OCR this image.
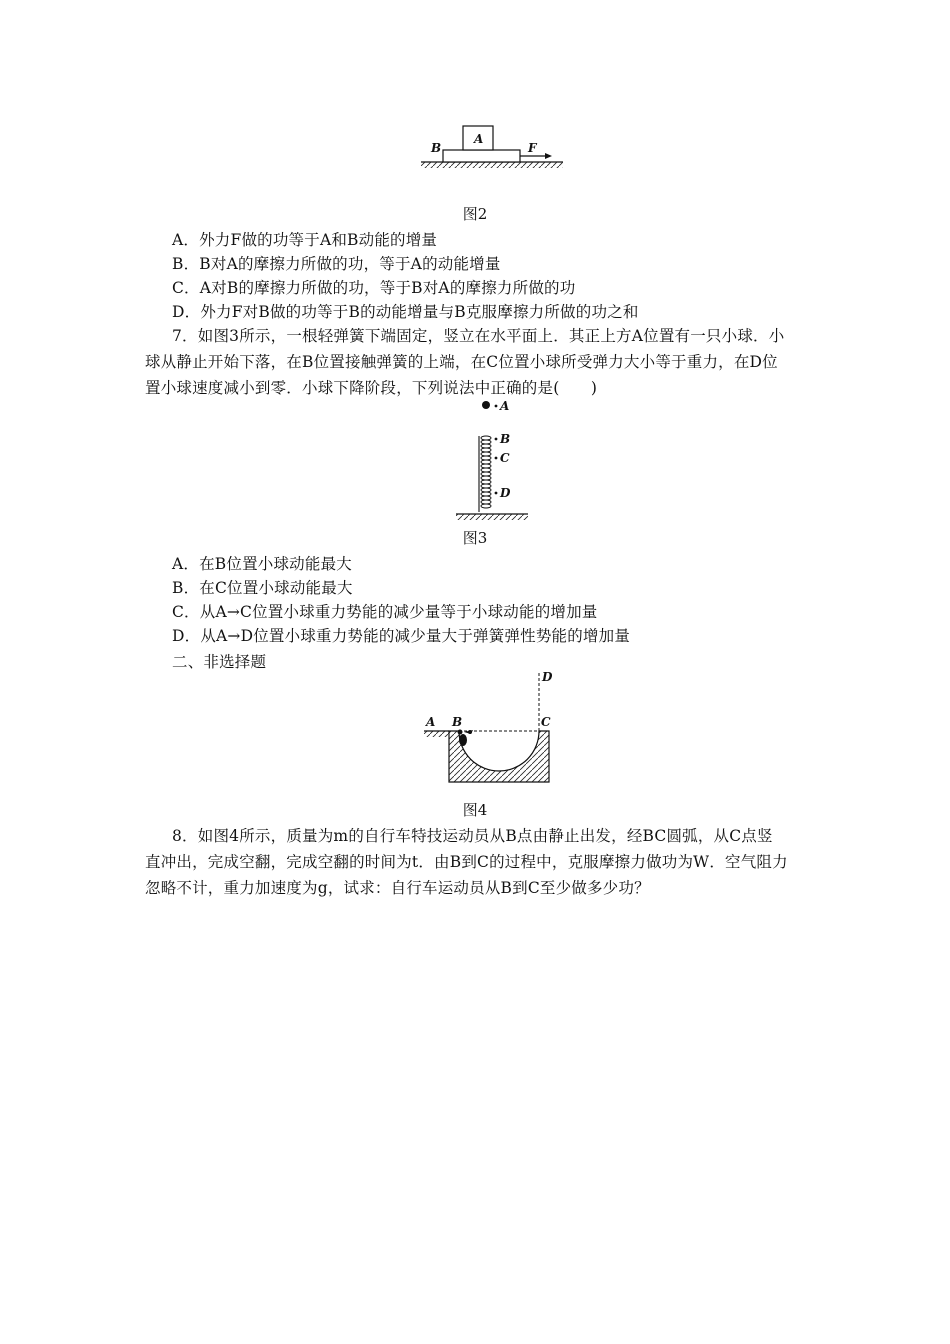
A
B	F
图2
A．外力F做的功等于A和B动能的增量
B．B对A的摩擦力所做的功，等于A的动能增量
C．A对B的摩擦力所做的功，等于B对A的摩擦力所做的功
D．外力F对B做的功等于B的动能增量与B克服摩擦力所做的功之和
7．如图3所示，一根轻弹簧下端固定，竖立在水平面上．其正上方A位置有一只小球．小
球从静止开始下落，在B位置接触弹簧的上端，在C位置小球所受弹力大小等于重力，在D位
置小球速度减小到零．小球下降阶段，下列说法中正确的是(　　)
A
B
C
D
图3
A．在B位置小球动能最大
B．在C位置小球动能最大
C．从A→C位置小球重力势能的减少量等于小球动能的增加量
D．从A→D位置小球重力势能的减少量大于弹簧弹性势能的增加量
二、非选择题
A B	C
D
图4
8．如图4所示，质量为m的自行车特技运动员从B点由静止出发，经BC圆弧，从C点竖
直冲出，完成空翻，完成空翻的时间为t．由B到C的过程中，克服摩擦力做功为W．空气阻力
忽略不计，重力加速度为g，试求：自行车运动员从B到C至少做多少功？
